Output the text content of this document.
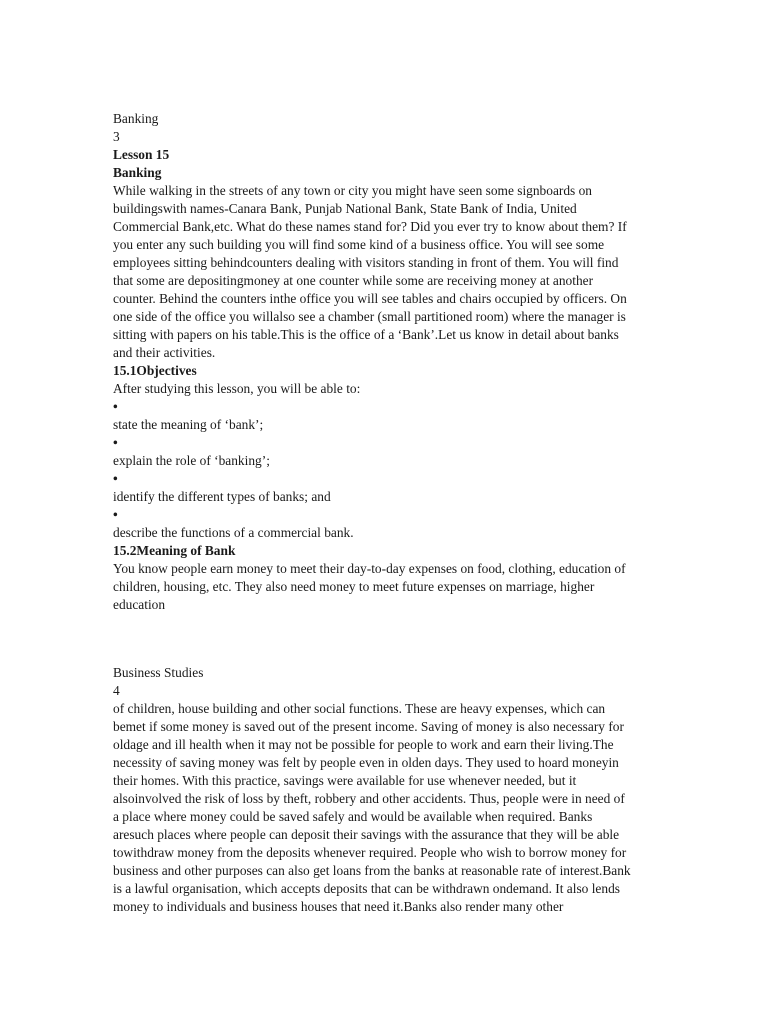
Banking
3
Lesson 15
Banking

While walking in the streets of any town or city you might have seen some signboards on buildingswith names-Canara Bank, Punjab National Bank, State Bank of India, United Commercial Bank,etc. What do these names stand for? Did you ever try to know about them? If you enter any such building you will find some kind of a business office. You will see some employees sitting behindcounters dealing with visitors standing in front of them. You will find that some are depositingmoney at one counter while some are receiving money at another counter. Behind the counters inthe office you will see tables and chairs occupied by officers. On one side of the office you willalso see a chamber (small partitioned room) where the manager is sitting with papers on his table.This is the office of a ‘Bank’.Let us know in detail about banks and their activities.

15.1Objectives
After studying this lesson, you will be able to:
•
state the meaning of ‘bank’;
•
explain the role of ‘banking’;
•
identify the different types of banks; and
•
describe the functions of a commercial bank.
15.2Meaning of Bank

You know people earn money to meet their day-to-day expenses on food, clothing, education of children, housing, etc. They also need money to meet future expenses on marriage, higher education

Business Studies
4

of children, house building and other social functions. These are heavy expenses, which can bemet if some money is saved out of the present income. Saving of money is also necessary for oldage and ill health when it may not be possible for people to work and earn their living.The necessity of saving money was felt by people even in olden days. They used to hoard moneyin their homes. With this practice, savings were available for use whenever needed, but it alsoinvolved the risk of loss by theft, robbery and other accidents. Thus, people were in need of a place where money could be saved safely and would be available when required. Banks aresuch places where people can deposit their savings with the assurance that they will be able towithdraw money from the deposits whenever required. People who wish to borrow money for business and other purposes can also get loans from the banks at reasonable rate of interest.Bank is a lawful organisation, which accepts deposits that can be withdrawn ondemand. It also lends money to individuals and business houses that need it.Banks also render many other
